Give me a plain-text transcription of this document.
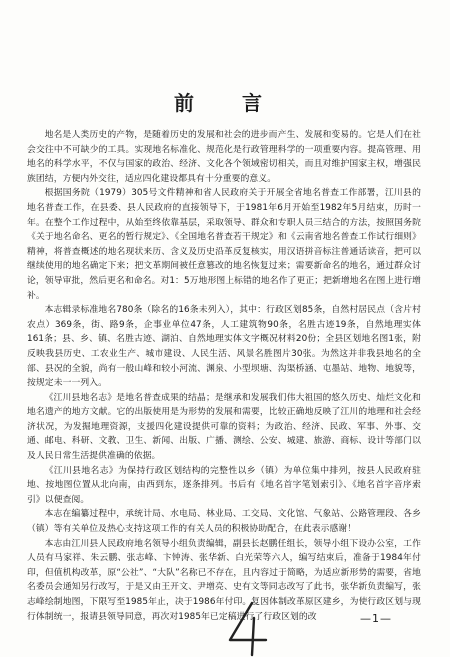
前　言

地名是人类历史的产物，是随着历史的发展和社会的进步而产生、发展和变易的。它是人们在社会交往中不可缺少的工具。实现地名标准化、规范化是行政管理科学的一项重要内容。提高管理、用地名的科学水平，不仅与国家的政治、经济、文化各个领域密切相关，而且对维护国家主权，增强民族团结，方便内外交往，适应四化建设都具有十分重要的意义。

根据国务院（1979）305号文件精神和省人民政府关于开展全省地名普查工作部署，江川县的地名普查工作，在县委、县人民政府的直接领导下，于1981年6月开始至1982年5月结束，历时一年。在整个工作过程中，从始至终依靠基层，采取领导、群众和专职人员三结合的方法，按照国务院《关于地名命名、更名的暂行规定》、《全国地名普查若干规定》和《云南省地名普查工作试行细则》精神，将普查概述的地名现状来历、含义及历史沿革反复核实，用汉语拼音标注普通话读音，把可以继续使用的地名确定下来；把文革期间被任意篡改的地名恢复过来；需要新命名的地名，通过群众讨论，领导审批，然后更名和命名。对1：5万地形图上标错的地名作了更正；把新增地名在图上进行增补。

本志辑录标准地名780条（除名的16条未列入），其中：行政区划85条，自然村居民点（含片村农点）369条，街、路9条，企事业单位47条，人工建筑物90条，名胜古迹19条，自然地理实体161条；县、乡、镇、名胜古迹、湖泊、自然地理实体文字概况材料20份；全县区划地名图1张，附反映我县历史、工农业生产、城市建设、人民生活、风景名胜图片30张。为然这并非我县地名的全部、县况的全貌，尚有一般山峰和较小河流、渊泉、小型坝塘、沟渠桥涵、屯墨站、地物、地貌等，按规定未一一列入。

《江川县地名志》是地名普查成果的结晶；是继承和发展我们伟大祖国的悠久历史、灿烂文化和地名遗产的地方文献。它的出版使用是为形势的发展和需要，比较正确地反映了江川的地理和社会经济状况，为发掘地理资源，支援四化建设提供可靠的资料；为政治、经济、民政、军事、外事、交通、邮电、科研、文教、卫生、新闻、出版、广播、测绘、公安、城建、旅游、商标、设计等部门以及人民日常生活提供准确的依据。

《江川县地名志》为保持行政区划结构的完整性以乡（镇）为单位集中排列，按县人民政府驻地、按地图位置从北向南，由西到东，逐条排列。书后有《地名首字笔划索引》、《地名首字音序索引》以便查阅。

本志在编纂过程中，承统计局、水电局、林业局、工交局、文化馆、气象站、公路管理段、各乡（镇）等有关单位及热心支持这项工作的有关人员的积极协助配合，在此表示感谢！

本志由江川县人民政府地名领导小组负责编辑，副县长赵鹏任组长，领导小组下设办公室，工作人员有马家祥、朱云鹏、张志峰、卞钟涛、张华新、白光荣等六人，编写结束后，准备于1984年付印，但值机构改革，原“公社”、“大队”名称已不存在，且内容过于简略，为适应新形势的需要，省地名委员会通知另行改写，于是又由王开文、尹增亮、史有文等同志改写了此书，张华新负责编写，张志峰绘制地图，下限写至1985年止，决于1986年付印。复因体制改革原区建乡，为使行政区划与现行体制统一，报请县领导同意，再次对1985年已定稿进行了行政区划的改	—1—
